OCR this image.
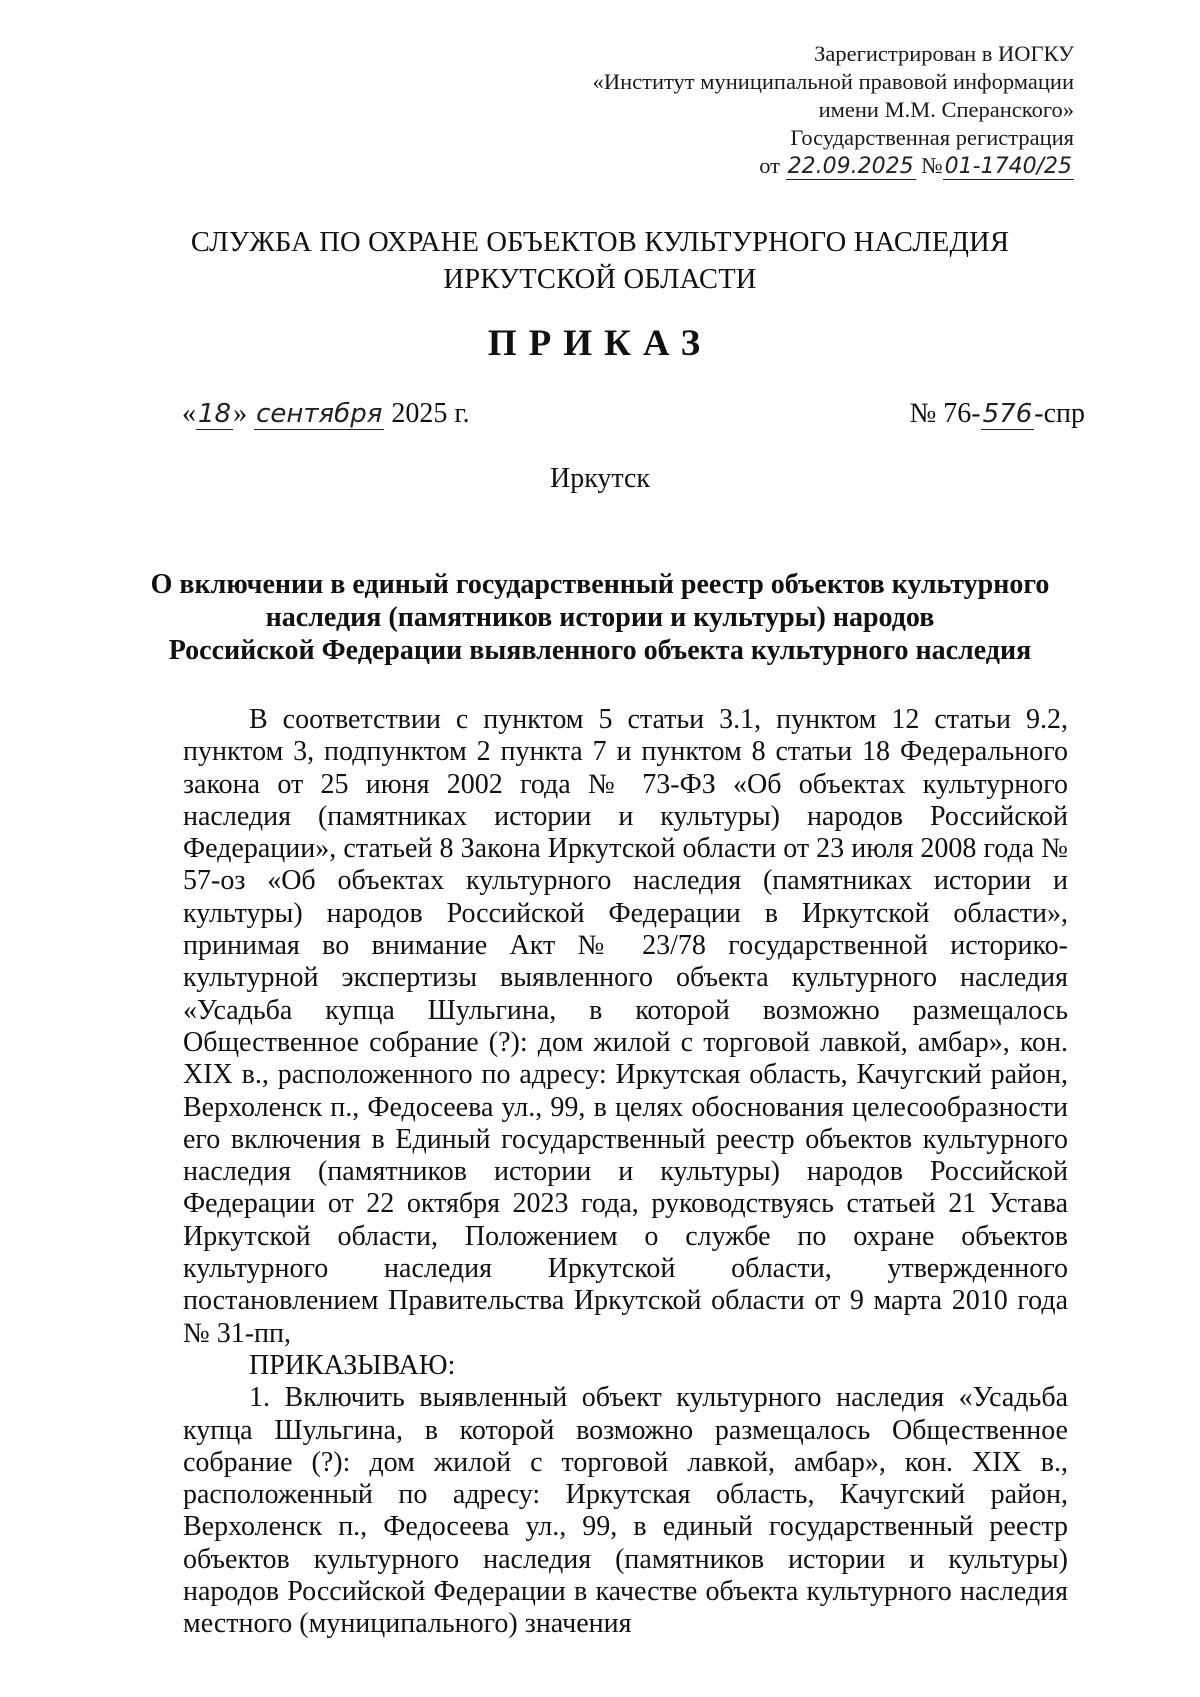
Зарегистрирован в ИОГКУ
«Институт муниципальной правовой информации
имени М.М. Сперанского»
Государственная регистрация
от 22.09.2025 №01-1740/25
СЛУЖБА ПО ОХРАНЕ ОБЪЕКТОВ КУЛЬТУРНОГО НАСЛЕДИЯ
ИРКУТСКОЙ ОБЛАСТИ
ПРИКАЗ
«18» сентября 2025 г.	№ 76-576-спр
Иркутск
О включении в единый государственный реестр объектов культурного
наследия (памятников истории и культуры) народов
Российской Федерации выявленного объекта культурного наследия

В соответствии с пунктом 5 статьи 3.1, пунктом 12 статьи 9.2, пунктом 3, подпунктом 2 пункта 7 и пунктом 8 статьи 18 Федерального закона от 25 июня 2002 года № 73-ФЗ «Об объектах культурного наследия (памятниках истории и культуры) народов Российской Федерации», статьей 8 Закона Иркутской области от 23 июля 2008 года № 57-оз «Об объектах культурного наследия (памятниках истории и культуры) народов Российской Федерации в Иркутской области», принимая во внимание Акт № 23/78 государственной историко-культурной экспертизы выявленного объекта культурного наследия «Усадьба купца Шульгина, в которой возможно размещалось Общественное собрание (?): дом жилой с торговой лавкой, амбар», кон. XIX в., расположенного по адресу: Иркутская область, Качугский район, Верхоленск п., Федосеева ул., 99, в целях обоснования целесообразности его включения в Единый государственный реестр объектов культурного наследия (памятников истории и культуры) народов Российской Федерации от 22 октября 2023 года, руководствуясь статьей 21 Устава Иркутской области, Положением о службе по охране объектов культурного наследия Иркутской области, утвержденного постановлением Правительства Иркутской области от 9 марта 2010 года № 31-пп,

ПРИКАЗЫВАЮ:

1. Включить выявленный объект культурного наследия «Усадьба купца Шульгина, в которой возможно размещалось Общественное собрание (?): дом жилой с торговой лавкой, амбар», кон. XIX в., расположенный по адресу: Иркутская область, Качугский район, Верхоленск п., Федосеева ул., 99, в единый государственный реестр объектов культурного наследия (памятников истории и культуры) народов Российской Федерации в качестве объекта культурного наследия местного (муниципального) значения
